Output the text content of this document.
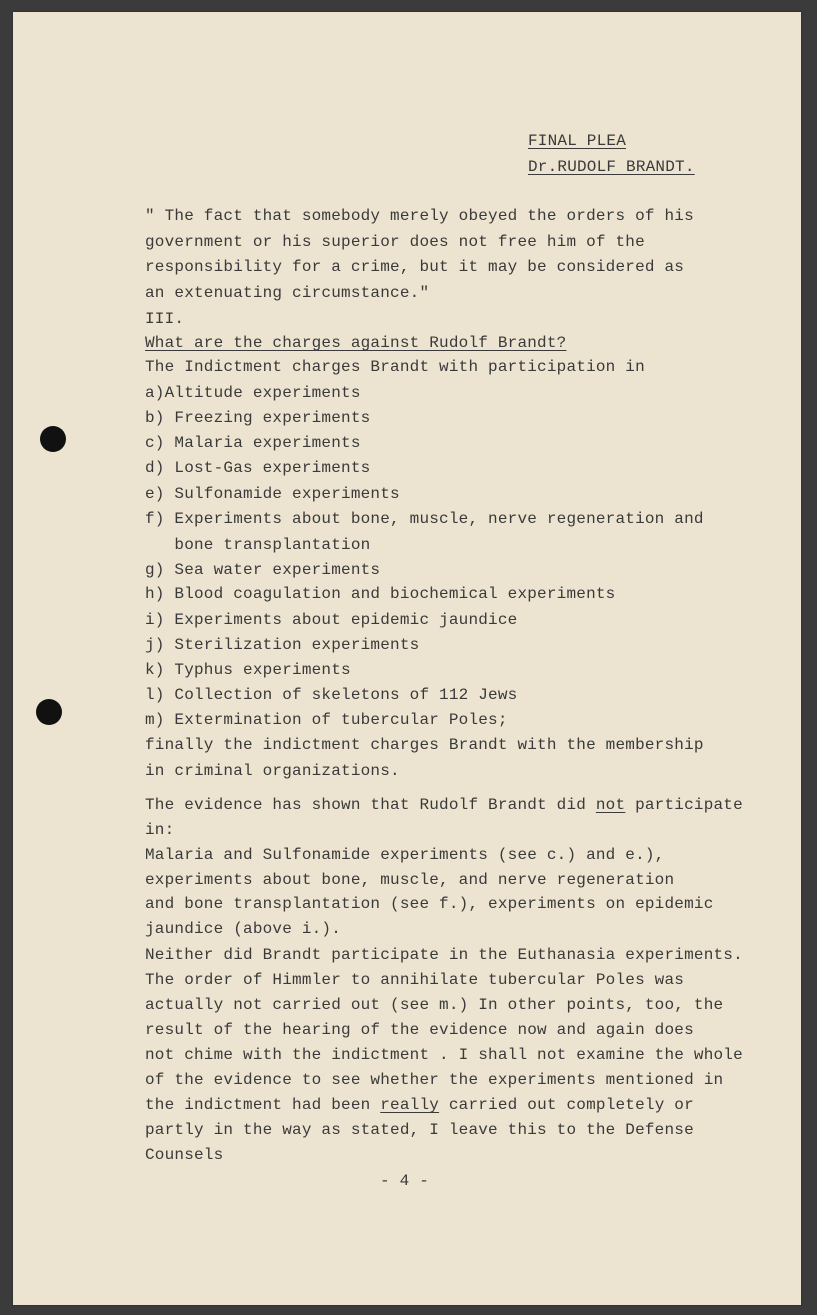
FINAL PLEA
Dr.RUDOLF BRANDT.
" The fact that somebody merely obeyed the orders of his
government or his superior does not free him of the
responsibility for a crime, but it may be considered as
an extenuating circumstance."
III.
What are the charges against Rudolf Brandt?
The Indictment charges Brandt with participation in
a)Altitude experiments
b) Freezing experiments
c) Malaria experiments
d) Lost-Gas experiments
e) Sulfonamide experiments
f) Experiments about bone, muscle, nerve regeneration and
bone transplantation
g) Sea water experiments
h) Blood coagulation and biochemical experiments
i) Experiments about epidemic jaundice
j) Sterilization experiments
k) Typhus experiments
l) Collection of skeletons of 112 Jews
m) Extermination of tubercular Poles;
finally the indictment charges Brandt with the membership
in criminal organizations.
The evidence has shown that Rudolf Brandt did not participate
in:
Malaria and Sulfonamide experiments (see c.) and e.),
experiments about bone, muscle, and nerve regeneration
and bone transplantation (see f.), experiments on epidemic
jaundice (above i.).
Neither did Brandt participate in the Euthanasia experiments.
The order of Himmler to annihilate tubercular Poles was
actually not carried out (see m.) In other points, too, the
result of the hearing of the evidence now and again does
not chime with the indictment . I shall not examine the whole
of the evidence to see whether the experiments mentioned in
the indictment had been really carried out completely or
partly in the way as stated, I leave this to the Defense
Counsels
- 4 -
